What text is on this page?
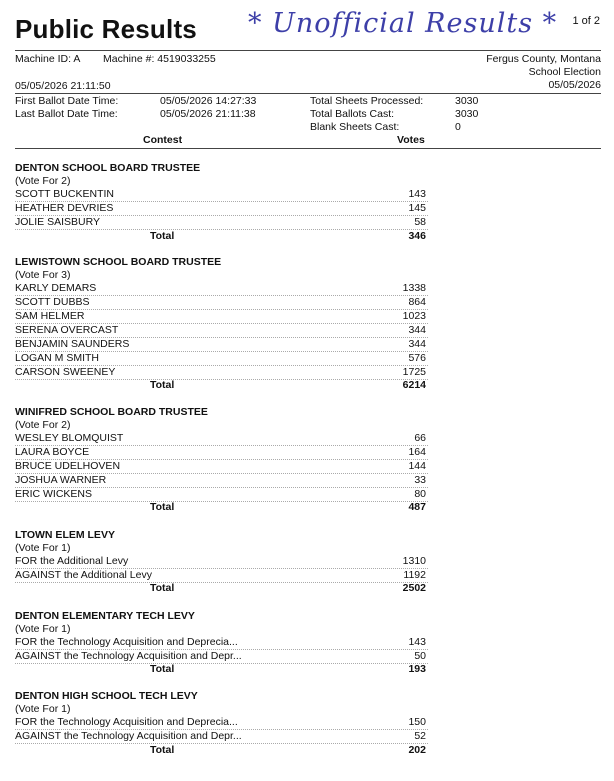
Public Results * Unofficial Results * 1 of 2
Machine ID: A Machine #: 4519033255	Fergus County, Montana
School Election
05/05/2026
05/05/2026 21:11:50
First Ballot Date Time:	05/05/2026 14:27:33
Last Ballot Date Time:	05/05/2026 21:11:38
Total Sheets Processed:	3030
Total Ballots Cast:	3030
Blank Sheets Cast:	0
Contest	Votes
DENTON SCHOOL BOARD TRUSTEE
(Vote For 2)
SCOTT BUCKENTIN	143
HEATHER DEVRIES	145
JOLIE SAISBURY	58
Total	346
LEWISTOWN SCHOOL BOARD TRUSTEE
(Vote For 3)
KARLY DEMARS	1338
SCOTT DUBBS	864
SAM HELMER	1023
SERENA OVERCAST	344
BENJAMIN SAUNDERS	344
LOGAN M SMITH	576
CARSON SWEENEY	1725
Total	6214
WINIFRED SCHOOL BOARD TRUSTEE
(Vote For 2)
WESLEY BLOMQUIST	66
LAURA BOYCE	164
BRUCE UDELHOVEN	144
JOSHUA WARNER	33
ERIC WICKENS	80
Total	487
LTOWN ELEM LEVY
(Vote For 1)
FOR the Additional Levy	1310
AGAINST the Additional Levy	1192
Total	2502
DENTON ELEMENTARY TECH LEVY
(Vote For 1)
FOR the Technology Acquisition and Deprecia...	143
AGAINST the Technology Acquisition and Depr...	50
Total	193
DENTON HIGH SCHOOL TECH LEVY
(Vote For 1)
FOR the Technology Acquisition and Deprecia...	150
AGAINST the Technology Acquisition and Depr...	52
Total	202
